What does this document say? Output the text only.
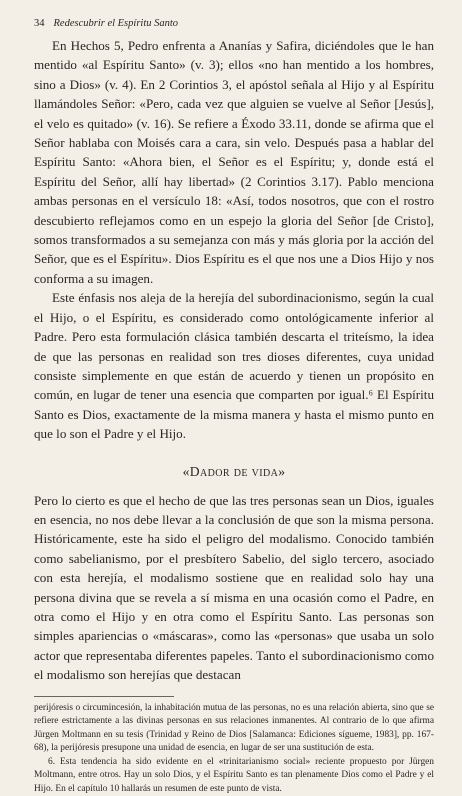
34 Redescubrir el Espíritu Santo

En Hechos 5, Pedro enfrenta a Ananías y Safira, diciéndoles que le han mentido «al Espíritu Santo» (v. 3); ellos «no han mentido a los hombres, sino a Dios» (v. 4). En 2 Corintios 3, el apóstol señala al Hijo y al Espíritu llamándoles Señor: «Pero, cada vez que alguien se vuelve al Señor [Jesús], el velo es quitado» (v. 16). Se refiere a Éxodo 33.11, donde se afirma que el Señor hablaba con Moisés cara a cara, sin velo. Después pasa a hablar del Espíritu Santo: «Ahora bien, el Señor es el Espíritu; y, donde está el Espíritu del Señor, allí hay libertad» (2 Corintios 3.17). Pablo menciona ambas personas en el versículo 18: «Así, todos nosotros, que con el rostro descubierto reflejamos como en un espejo la gloria del Señor [de Cristo], somos transformados a su semejanza con más y más gloria por la acción del Señor, que es el Espíritu». Dios Espíritu es el que nos une a Dios Hijo y nos conforma a su imagen.

Este énfasis nos aleja de la herejía del subordinacionismo, según la cual el Hijo, o el Espíritu, es considerado como ontológicamente inferior al Padre. Pero esta formulación clásica también descarta el triteísmo, la idea de que las personas en realidad son tres dioses diferentes, cuya unidad consiste simplemente en que están de acuerdo y tienen un propósito en común, en lugar de tener una esencia que comparten por igual.⁶ El Espíritu Santo es Dios, exactamente de la misma manera y hasta el mismo punto en que lo son el Padre y el Hijo.

«Dador de vida»

Pero lo cierto es que el hecho de que las tres personas sean un Dios, iguales en esencia, no nos debe llevar a la conclusión de que son la misma persona. Históricamente, este ha sido el peligro del modalismo. Conocido también como sabelianismo, por el presbítero Sabelio, del siglo tercero, asociado con esta herejía, el modalismo sostiene que en realidad solo hay una persona divina que se revela a sí misma en una ocasión como el Padre, en otra como el Hijo y en otra como el Espíritu Santo. Las personas son simples apariencias o «máscaras», como las «personas» que usaba un solo actor que representaba diferentes papeles. Tanto el subordinacionismo como el modalismo son herejías que destacan

perijóresis o circumincesión, la inhabitación mutua de las personas, no es una relación abierta, sino que se refiere estrictamente a las divinas personas en sus relaciones inmanentes. Al contrario de lo que afirma Jürgen Moltmann en su tesis (Trinidad y Reino de Dios [Salamanca: Ediciones sígueme, 1983], pp. 167-68), la perijóresis presupone una unidad de esencia, en lugar de ser una sustitución de esta.

6. Esta tendencia ha sido evidente en el «trinitarianismo social» reciente propuesto por Jürgen Moltmann, entre otros. Hay un solo Dios, y el Espíritu Santo es tan plenamente Dios como el Padre y el Hijo. En el capítulo 10 hallarás un resumen de este punto de vista.
